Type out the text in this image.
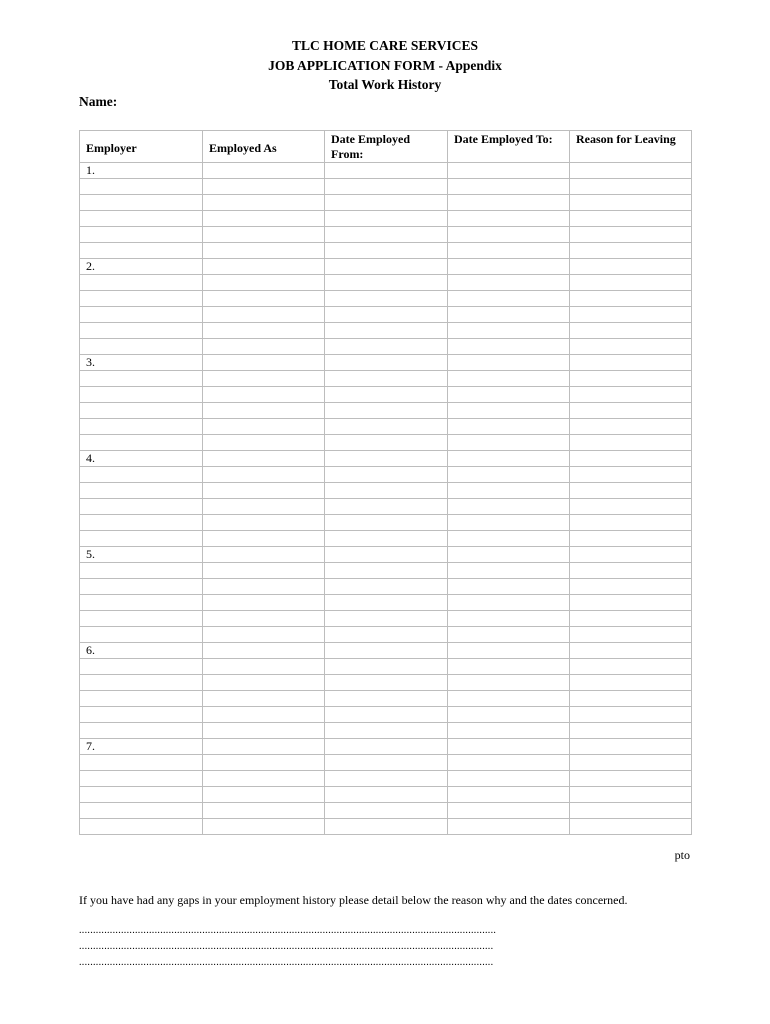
TLC HOME CARE SERVICES
JOB APPLICATION FORM - Appendix
Total Work History
Name:
Employer	Employed As	Date Employed From:	Date Employed To:	Reason for Leaving
1.				

2.				

3.				

4.				

5.				

6.				

7.				

pto
If you have had any gaps in your employment history please detail below the reason why and the dates concerned.
.....................................................................................................................................................
....................................................................................................................................................
....................................................................................................................................................
